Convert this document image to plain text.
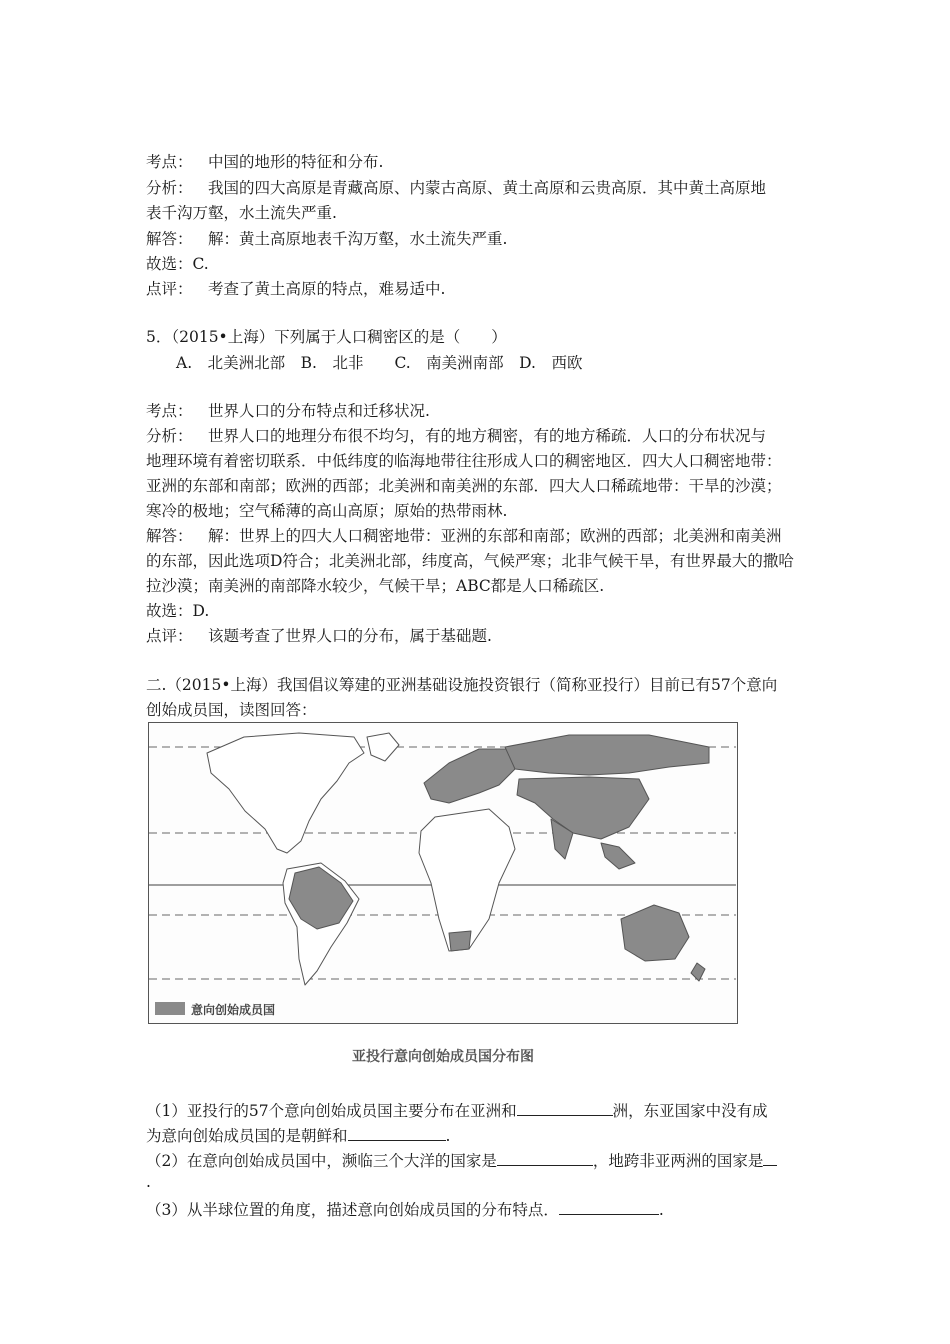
考点： 中国的地形的特征和分布.
分析： 我国的四大高原是青藏高原、内蒙古高原、黄土高原和云贵高原．其中黄土高原地
表千沟万壑，水土流失严重.
解答： 解：黄土高原地表千沟万壑，水土流失严重.
故选：C.
点评： 考查了黄土高原的特点，难易适中.
5．（2015•上海）下列属于人口稠密区的是（　　）
A.　北美洲北部　B.　北非　　C.　南美洲南部　D.　西欧
考点： 世界人口的分布特点和迁移状况.
分析： 世界人口的地理分布很不均匀，有的地方稠密，有的地方稀疏．人口的分布状况与
地理环境有着密切联系．中低纬度的临海地带往往形成人口的稠密地区．四大人口稠密地带：
亚洲的东部和南部；欧洲的西部；北美洲和南美洲的东部．四大人口稀疏地带：干旱的沙漠；
寒冷的极地；空气稀薄的高山高原；原始的热带雨林.
解答： 解：世界上的四大人口稠密地带：亚洲的东部和南部；欧洲的西部；北美洲和南美洲
的东部，因此选项D符合；北美洲北部，纬度高，气候严寒；北非气候干旱，有世界最大的撒哈
拉沙漠；南美洲的南部降水较少，气候干旱；ABC都是人口稀疏区.
故选：D.
点评： 该题考查了世界人口的分布，属于基础题.
二.（2015•上海）我国倡议筹建的亚洲基础设施投资银行（简称亚投行）目前已有57个意向
创始成员国，读图回答：
意向创始成员国
亚投行意向创始成员国分布图
（1）亚投行的57个意向创始成员国主要分布在亚洲和	洲，东亚国家中没有成
为意向创始成员国的是朝鲜和	.
（2）在意向创始成员国中，濒临三个大洋的国家是	，地跨非亚两洲的国家是
.
（3）从半球位置的角度，描述意向创始成员国的分布特点．	.
